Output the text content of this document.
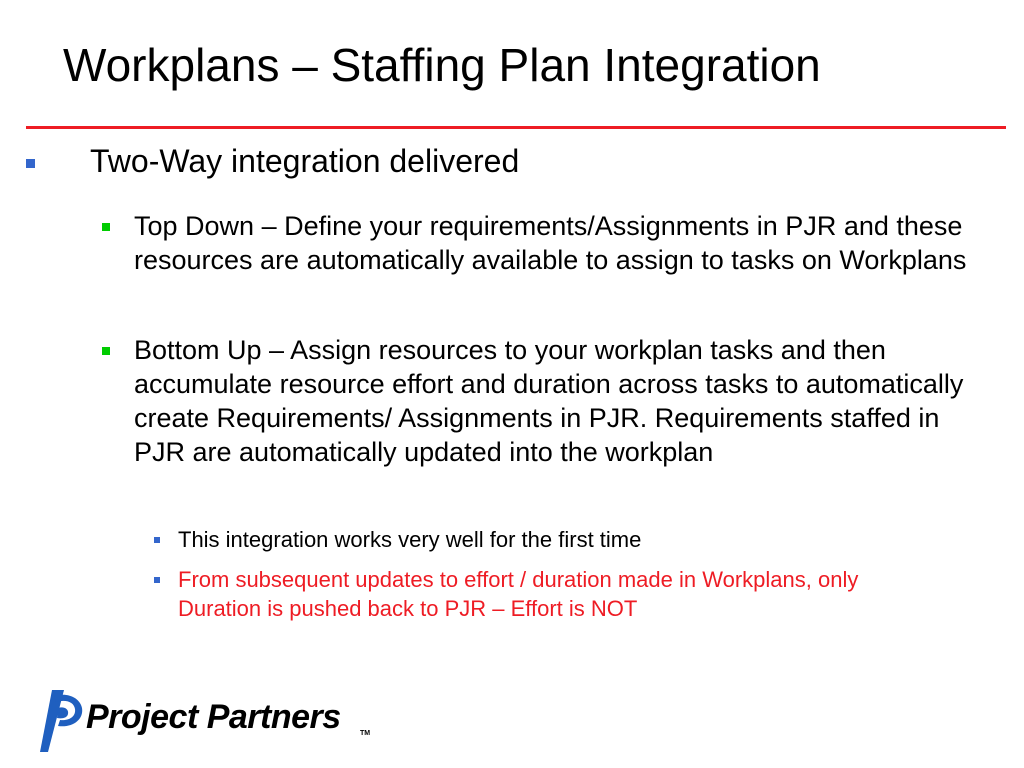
Workplans – Staffing Plan Integration
Two-Way integration delivered
Top Down – Define your requirements/Assignments in PJR and these resources are automatically available to assign to tasks on Workplans
Bottom Up – Assign resources to your workplan tasks and then accumulate resource effort and duration across tasks to automatically create Requirements/ Assignments in PJR. Requirements staffed in PJR are automatically updated into the workplan
This integration works very well for the first time
From subsequent updates to effort / duration made in Workplans, only Duration is pushed back to PJR – Effort is NOT
Project Partners	TM
